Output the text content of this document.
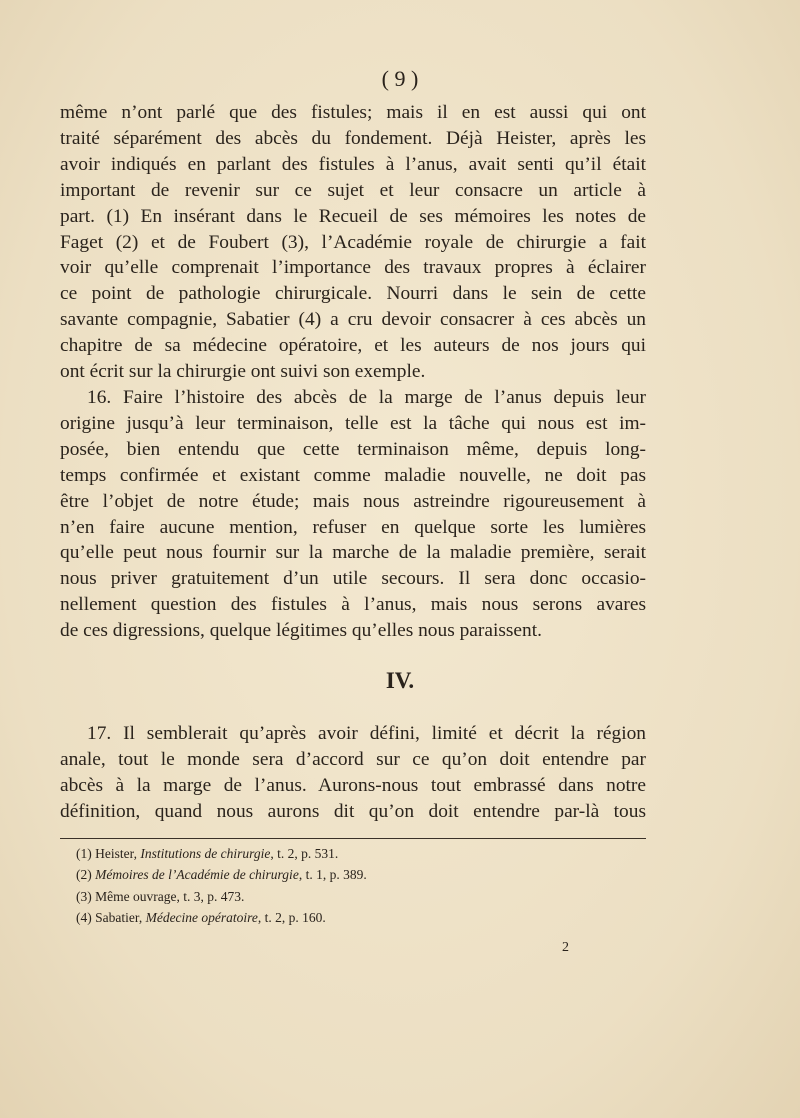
( 9 )
même n’ont parlé que des fistules; mais il en est aussi qui ont
traité séparément des abcès du fondement. Déjà Heister, après les
avoir indiqués en parlant des fistules à l’anus, avait senti qu’il était
important de revenir sur ce sujet et leur consacre un article à
part. (1) En insérant dans le Recueil de ses mémoires les notes de
Faget (2) et de Foubert (3), l’Académie royale de chirurgie a fait
voir qu’elle comprenait l’importance des travaux propres à éclairer
ce point de pathologie chirurgicale. Nourri dans le sein de cette
savante compagnie, Sabatier (4) a cru devoir consacrer à ces abcès un
chapitre de sa médecine opératoire, et les auteurs de nos jours qui
ont écrit sur la chirurgie ont suivi son exemple.
16. Faire l’histoire des abcès de la marge de l’anus depuis leur
origine jusqu’à leur terminaison, telle est la tâche qui nous est im-
posée, bien entendu que cette terminaison même, depuis long-
temps confirmée et existant comme maladie nouvelle, ne doit pas
être l’objet de notre étude; mais nous astreindre rigoureusement à
n’en faire aucune mention, refuser en quelque sorte les lumières
qu’elle peut nous fournir sur la marche de la maladie première, serait
nous priver gratuitement d’un utile secours. Il sera donc occasio-
nellement question des fistules à l’anus, mais nous serons avares
de ces digressions, quelque légitimes qu’elles nous paraissent.
IV.
17. Il semblerait qu’après avoir défini, limité et décrit la région
anale, tout le monde sera d’accord sur ce qu’on doit entendre par
abcès à la marge de l’anus. Aurons-nous tout embrassé dans notre
définition, quand nous aurons dit qu’on doit entendre par-là tous
(1) Heister, Institutions de chirurgie, t. 2, p. 531.
(2) Mémoires de l’Académie de chirurgie, t. 1, p. 389.
(3) Même ouvrage, t. 3, p. 473.
(4) Sabatier, Médecine opératoire, t. 2, p. 160.
2
